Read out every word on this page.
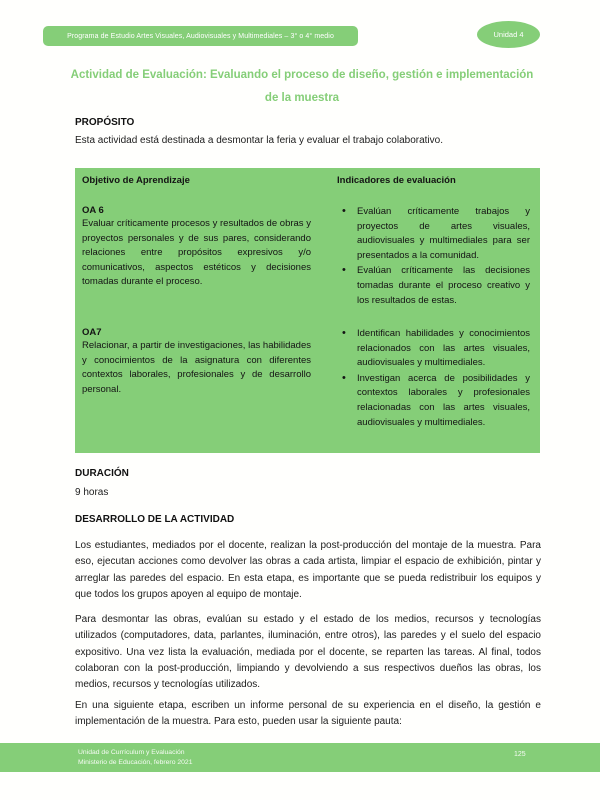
Programa de Estudio Artes Visuales, Audiovisuales y Multimediales – 3° o 4° medio	Unidad 4
Actividad de Evaluación: Evaluando el proceso de diseño, gestión e implementación de la muestra
PROPÓSITO

Esta actividad está destinada a desmontar la feria y evaluar el trabajo colaborativo.

Objetivo de Aprendizaje	Indicadores de evaluación

OA 6

Evaluar críticamente procesos y resultados de obras y proyectos personales y de sus pares, considerando relaciones entre propósitos expresivos y/o comunicativos, aspectos estéticos y decisiones tomadas durante el proceso.

• Evalúan críticamente trabajos y proyectos de artes visuales, audiovisuales y multimediales para ser presentados a la comunidad.
• Evalúan críticamente las decisiones tomadas durante el proceso creativo y los resultados de estas.

OA7

Relacionar, a partir de investigaciones, las habilidades y conocimientos de la asignatura con diferentes contextos laborales, profesionales y de desarrollo personal.

• Identifican habilidades y conocimientos relacionados con las artes visuales, audiovisuales y multimediales.
• Investigan acerca de posibilidades y contextos laborales y profesionales relacionadas con las artes visuales, audiovisuales y multimediales.
DURACIÓN

9 horas

DESARROLLO DE LA ACTIVIDAD

Los estudiantes, mediados por el docente, realizan la post-producción del montaje de la muestra. Para eso, ejecutan acciones como devolver las obras a cada artista, limpiar el espacio de exhibición, pintar y arreglar las paredes del espacio. En esta etapa, es importante que se pueda redistribuir los equipos y que todos los grupos apoyen al equipo de montaje.

Para desmontar las obras, evalúan su estado y el estado de los medios, recursos y tecnologías utilizados (computadores, data, parlantes, iluminación, entre otros), las paredes y el suelo del espacio expositivo. Una vez lista la evaluación, mediada por el docente, se reparten las tareas. Al final, todos colaboran con la post-producción, limpiando y devolviendo a sus respectivos dueños las obras, los medios, recursos y tecnologías utilizados.

En una siguiente etapa, escriben un informe personal de su experiencia en el diseño, la gestión e implementación de la muestra. Para esto, pueden usar la siguiente pauta:

Unidad de Currículum y Evaluación
Ministerio de Educación, febrero 2021
125
